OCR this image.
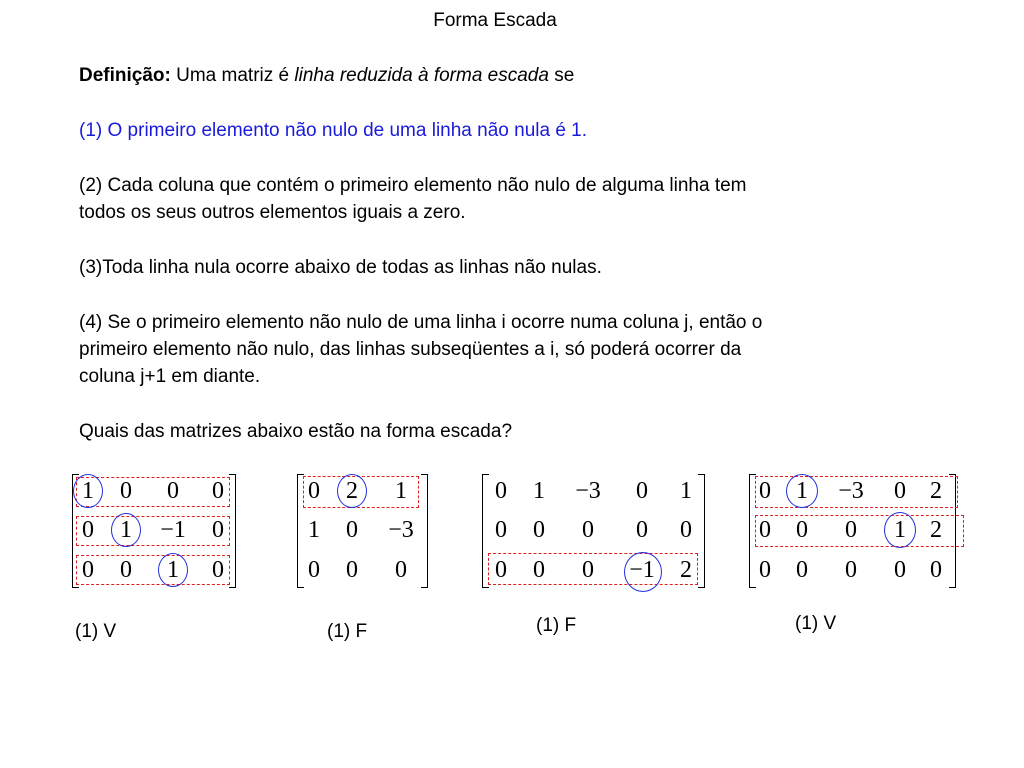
Forma Escada
Definição: Uma matriz é linha reduzida à forma escada se
(1) O primeiro elemento não nulo de uma linha não nula é 1.
(2) Cada coluna que contém o primeiro elemento não nulo de alguma linha tem
todos os seus outros elementos iguais a zero.
(3)Toda linha nula ocorre abaixo de todas as linhas não nulas.
(4) Se o primeiro elemento não nulo de uma linha i ocorre numa coluna j, então o
primeiro elemento não nulo, das linhas subseqüentes a i, só poderá ocorrer da
coluna j+1 em diante.
Quais das matrizes abaixo estão na forma escada?
1	0	0	0
0	1	−1	0
0	0	1	0
(1) V
0	2	1
1	0	−3
0	0	0
(1) F
0	1	−3	0	1
0	0	0	0	0
0	0	0	−1	2
(1) F
0	1	−3	0	2
0	0	0	1	2
0	0	0	0	0
(1) V
